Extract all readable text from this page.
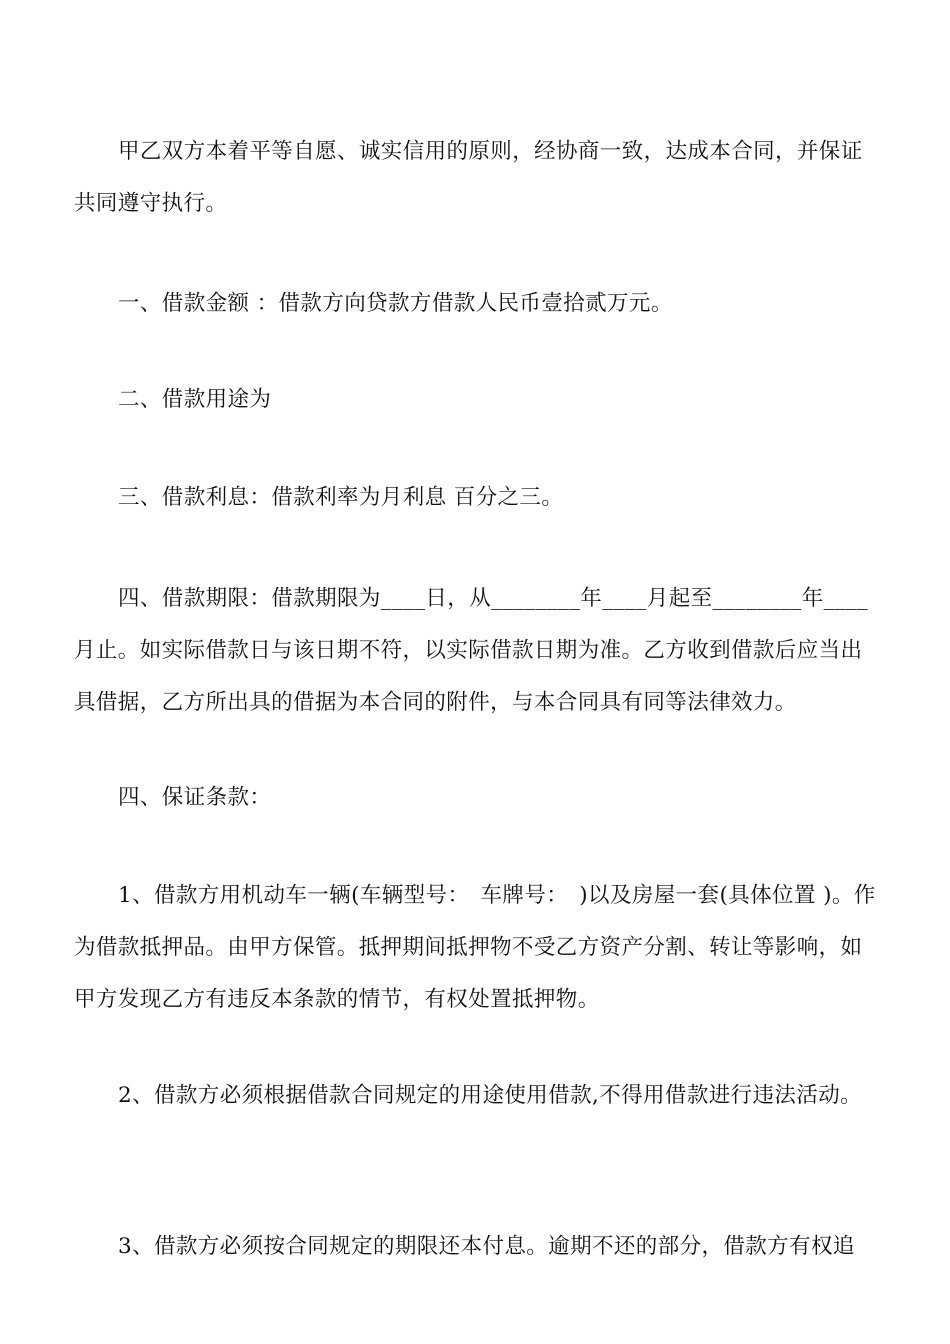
甲乙双方本着平等自愿、诚实信用的原则，经协商一致，达成本合同，并保证共同遵守执行。

一、借款金额 ：借款方向贷款方借款人民币壹拾贰万元。

二、借款用途为

三、借款利息：借款利率为月利息 百分之三。

四、借款期限：借款期限为____日，从________年____月起至________年____月止。如实际借款日与该日期不符，以实际借款日期为准。乙方收到借款后应当出具借据，乙方所出具的借据为本合同的附件，与本合同具有同等法律效力。

四、保证条款：

1、借款方用机动车一辆(车辆型号：　车牌号：　)以及房屋一套(具体位置 )。作为借款抵押品。由甲方保管。抵押期间抵押物不受乙方资产分割、转让等影响，如甲方发现乙方有违反本条款的情节，有权处置抵押物。

2、借款方必须根据借款合同规定的用途使用借款,不得用借款进行违法活动。

3、借款方必须按合同规定的期限还本付息。逾期不还的部分，借款方有权追
